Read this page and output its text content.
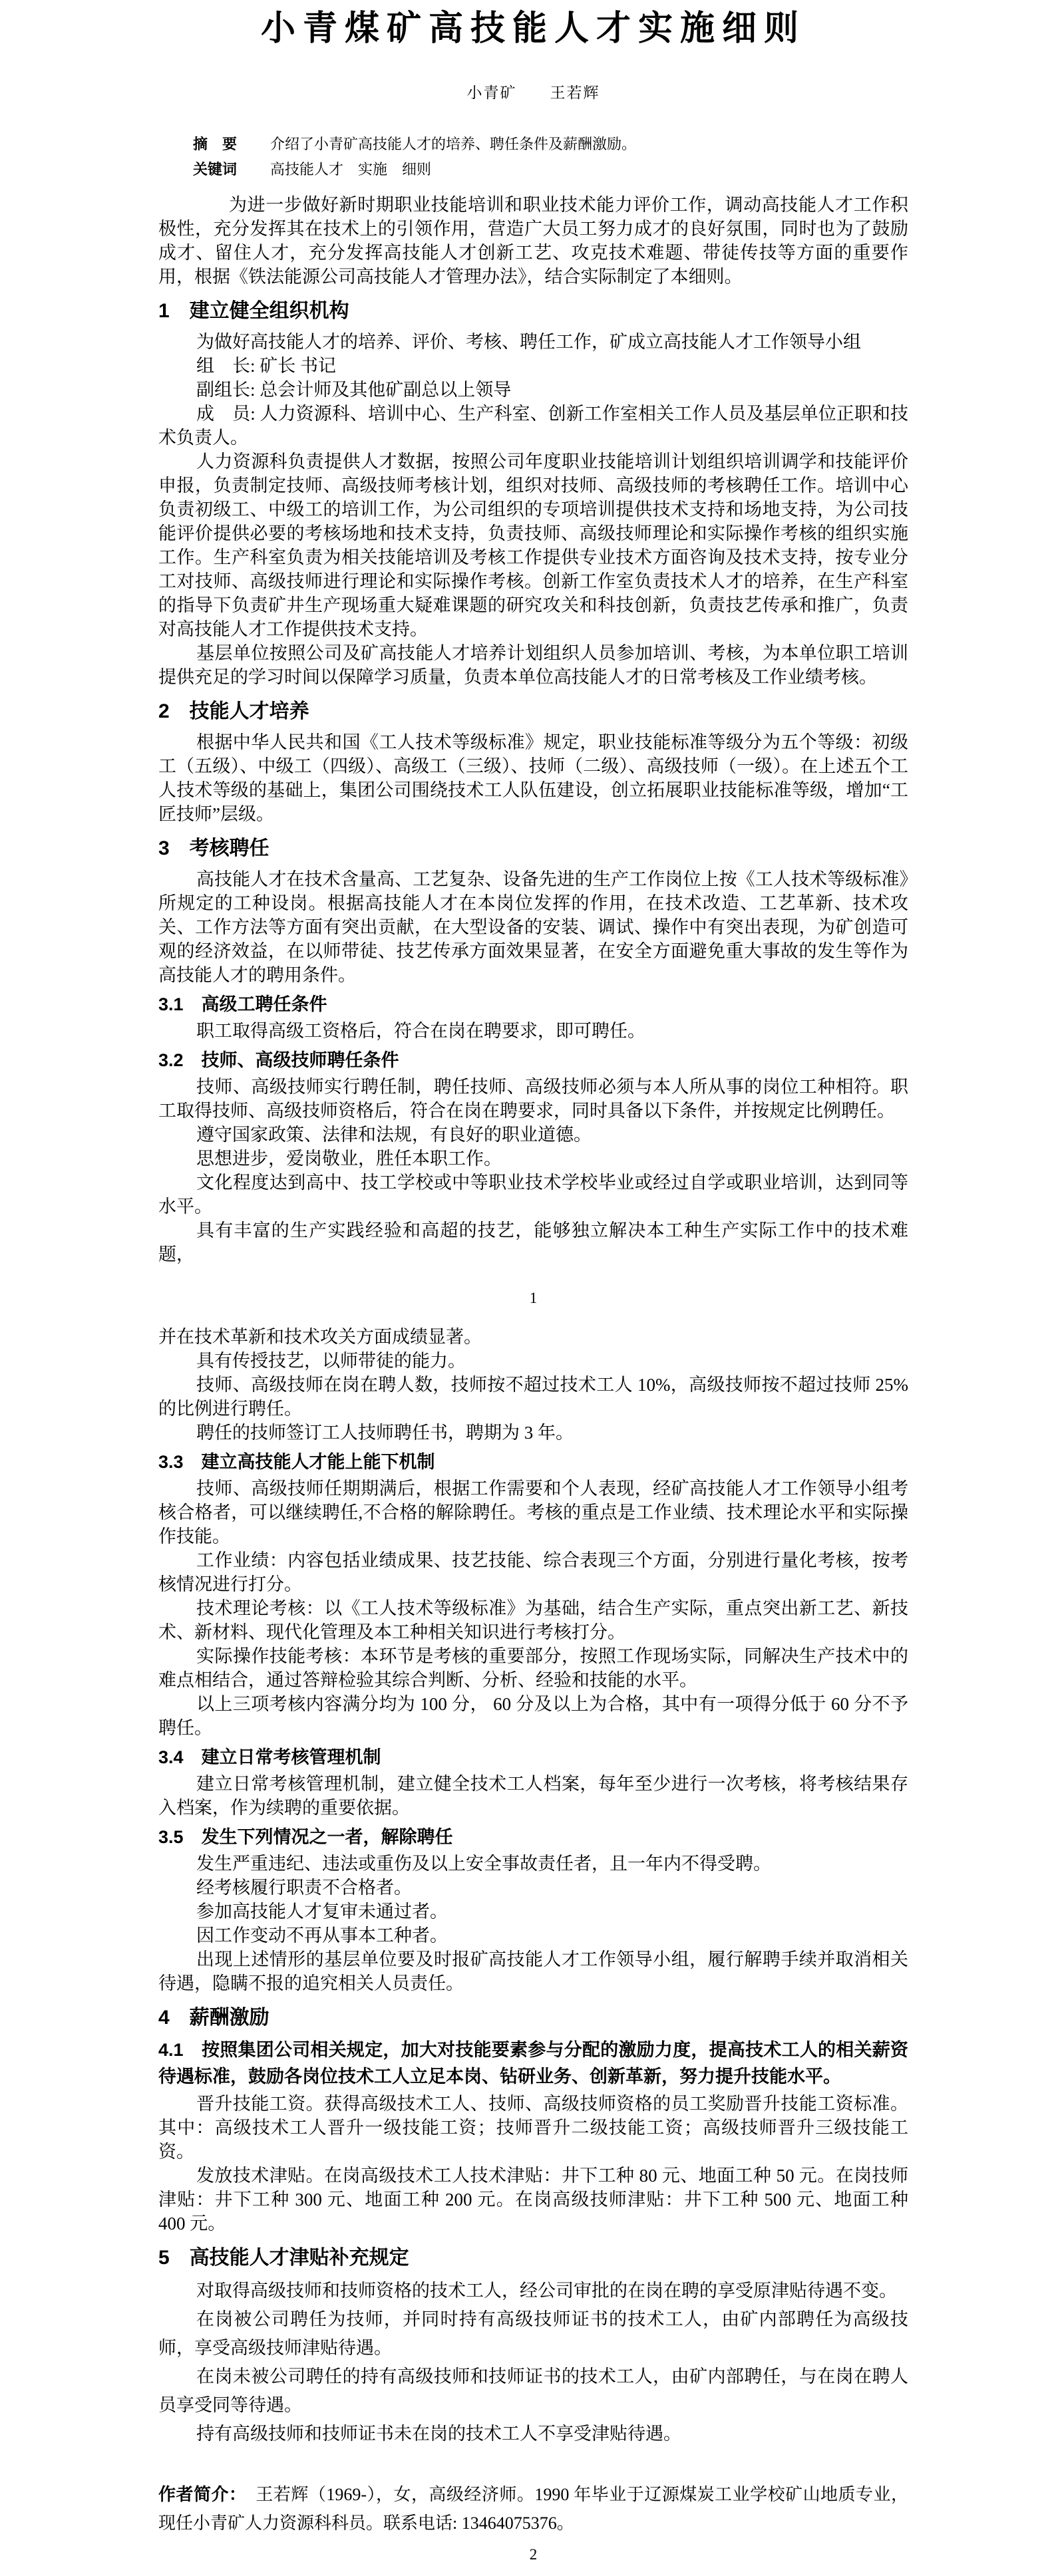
小青煤矿高技能人才实施细则
小青矿　　王若辉
摘　要 介绍了小青矿高技能人才的培养、聘任条件及薪酬激励。
关键词 高技能人才　实施　细则

为进一步做好新时期职业技能培训和职业技术能力评价工作，调动高技能人才工作积极性，充分发挥其在技术上的引领作用，营造广大员工努力成才的良好氛围，同时也为了鼓励成才、留住人才，充分发挥高技能人才创新工艺、攻克技术难题、带徒传技等方面的重要作用，根据《铁法能源公司高技能人才管理办法》，结合实际制定了本细则。

1　建立健全组织机构

为做好高技能人才的培养、评价、考核、聘任工作，矿成立高技能人才工作领导小组

组　长: 矿长 书记

副组长: 总会计师及其他矿副总以上领导

成　员: 人力资源科、培训中心、生产科室、创新工作室相关工作人员及基层单位正职和技术负责人。

人力资源科负责提供人才数据，按照公司年度职业技能培训计划组织培训调学和技能评价申报，负责制定技师、高级技师考核计划，组织对技师、高级技师的考核聘任工作。培训中心负责初级工、中级工的培训工作，为公司组织的专项培训提供技术支持和场地支持，为公司技能评价提供必要的考核场地和技术支持，负责技师、高级技师理论和实际操作考核的组织实施工作。生产科室负责为相关技能培训及考核工作提供专业技术方面咨询及技术支持，按专业分工对技师、高级技师进行理论和实际操作考核。创新工作室负责技术人才的培养，在生产科室的指导下负责矿井生产现场重大疑难课题的研究攻关和科技创新，负责技艺传承和推广，负责对高技能人才工作提供技术支持。

基层单位按照公司及矿高技能人才培养计划组织人员参加培训、考核，为本单位职工培训提供充足的学习时间以保障学习质量，负责本单位高技能人才的日常考核及工作业绩考核。

2　技能人才培养

根据中华人民共和国《工人技术等级标准》规定，职业技能标准等级分为五个等级：初级工（五级）、中级工（四级）、高级工（三级）、技师（二级）、高级技师（一级）。在上述五个工人技术等级的基础上，集团公司围绕技术工人队伍建设，创立拓展职业技能标准等级，增加“工匠技师”层级。

3　考核聘任

高技能人才在技术含量高、工艺复杂、设备先进的生产工作岗位上按《工人技术等级标准》所规定的工种设岗。根据高技能人才在本岗位发挥的作用，在技术改造、工艺革新、技术攻关、工作方法等方面有突出贡献，在大型设备的安装、调试、操作中有突出表现，为矿创造可观的经济效益，在以师带徒、技艺传承方面效果显著，在安全方面避免重大事故的发生等作为高技能人才的聘用条件。

3.1　高级工聘任条件

职工取得高级工资格后，符合在岗在聘要求，即可聘任。

3.2　技师、高级技师聘任条件

技师、高级技师实行聘任制，聘任技师、高级技师必须与本人所从事的岗位工种相符。职工取得技师、高级技师资格后，符合在岗在聘要求，同时具备以下条件，并按规定比例聘任。

遵守国家政策、法律和法规，有良好的职业道德。

思想进步，爱岗敬业，胜任本职工作。

文化程度达到高中、技工学校或中等职业技术学校毕业或经过自学或职业培训，达到同等水平。

具有丰富的生产实践经验和高超的技艺，能够独立解决本工种生产实际工作中的技术难题，

1

并在技术革新和技术攻关方面成绩显著。

具有传授技艺，以师带徒的能力。

技师、高级技师在岗在聘人数，技师按不超过技术工人 10%，高级技师按不超过技师 25%的比例进行聘任。

聘任的技师签订工人技师聘任书，聘期为 3 年。

3.3　建立高技能人才能上能下机制

技师、高级技师任期期满后，根据工作需要和个人表现，经矿高技能人才工作领导小组考核合格者，可以继续聘任,不合格的解除聘任。考核的重点是工作业绩、技术理论水平和实际操作技能。

工作业绩：内容包括业绩成果、技艺技能、综合表现三个方面，分别进行量化考核，按考核情况进行打分。

技术理论考核：以《工人技术等级标准》为基础，结合生产实际，重点突出新工艺、新技术、新材料、现代化管理及本工种相关知识进行考核打分。

实际操作技能考核：本环节是考核的重要部分，按照工作现场实际，同解决生产技术中的难点相结合，通过答辩检验其综合判断、分析、经验和技能的水平。

以上三项考核内容满分均为 100 分， 60 分及以上为合格，其中有一项得分低于 60 分不予聘任。

3.4　建立日常考核管理机制

建立日常考核管理机制，建立健全技术工人档案，每年至少进行一次考核，将考核结果存入档案，作为续聘的重要依据。

3.5　发生下列情况之一者，解除聘任

发生严重违纪、违法或重伤及以上安全事故责任者，且一年内不得受聘。

经考核履行职责不合格者。

参加高技能人才复审未通过者。

因工作变动不再从事本工种者。

出现上述情形的基层单位要及时报矿高技能人才工作领导小组，履行解聘手续并取消相关待遇，隐瞒不报的追究相关人员责任。

4　薪酬激励

4.1　按照集团公司相关规定，加大对技能要素参与分配的激励力度，提高技术工人的相关薪资待遇标准，鼓励各岗位技术工人立足本岗、钻研业务、创新革新，努力提升技能水平。

晋升技能工资。获得高级技术工人、技师、高级技师资格的员工奖励晋升技能工资标准。其中：高级技术工人晋升一级技能工资；技师晋升二级技能工资；高级技师晋升三级技能工资。

发放技术津贴。在岗高级技术工人技术津贴：井下工种 80 元、地面工种 50 元。在岗技师津贴：井下工种 300 元、地面工种 200 元。在岗高级技师津贴：井下工种 500 元、地面工种 400 元。

5　高技能人才津贴补充规定

对取得高级技师和技师资格的技术工人，经公司审批的在岗在聘的享受原津贴待遇不变。

在岗被公司聘任为技师，并同时持有高级技师证书的技术工人，由矿内部聘任为高级技师，享受高级技师津贴待遇。

在岗未被公司聘任的持有高级技师和技师证书的技术工人，由矿内部聘任，与在岗在聘人员享受同等待遇。

持有高级技师和技师证书未在岗的技术工人不享受津贴待遇。

作者简介： 王若辉（1969-），女，高级经济师。1990 年毕业于辽源煤炭工业学校矿山地质专业，现任小青矿人力资源科科员。联系电话: 13464075376。

2
